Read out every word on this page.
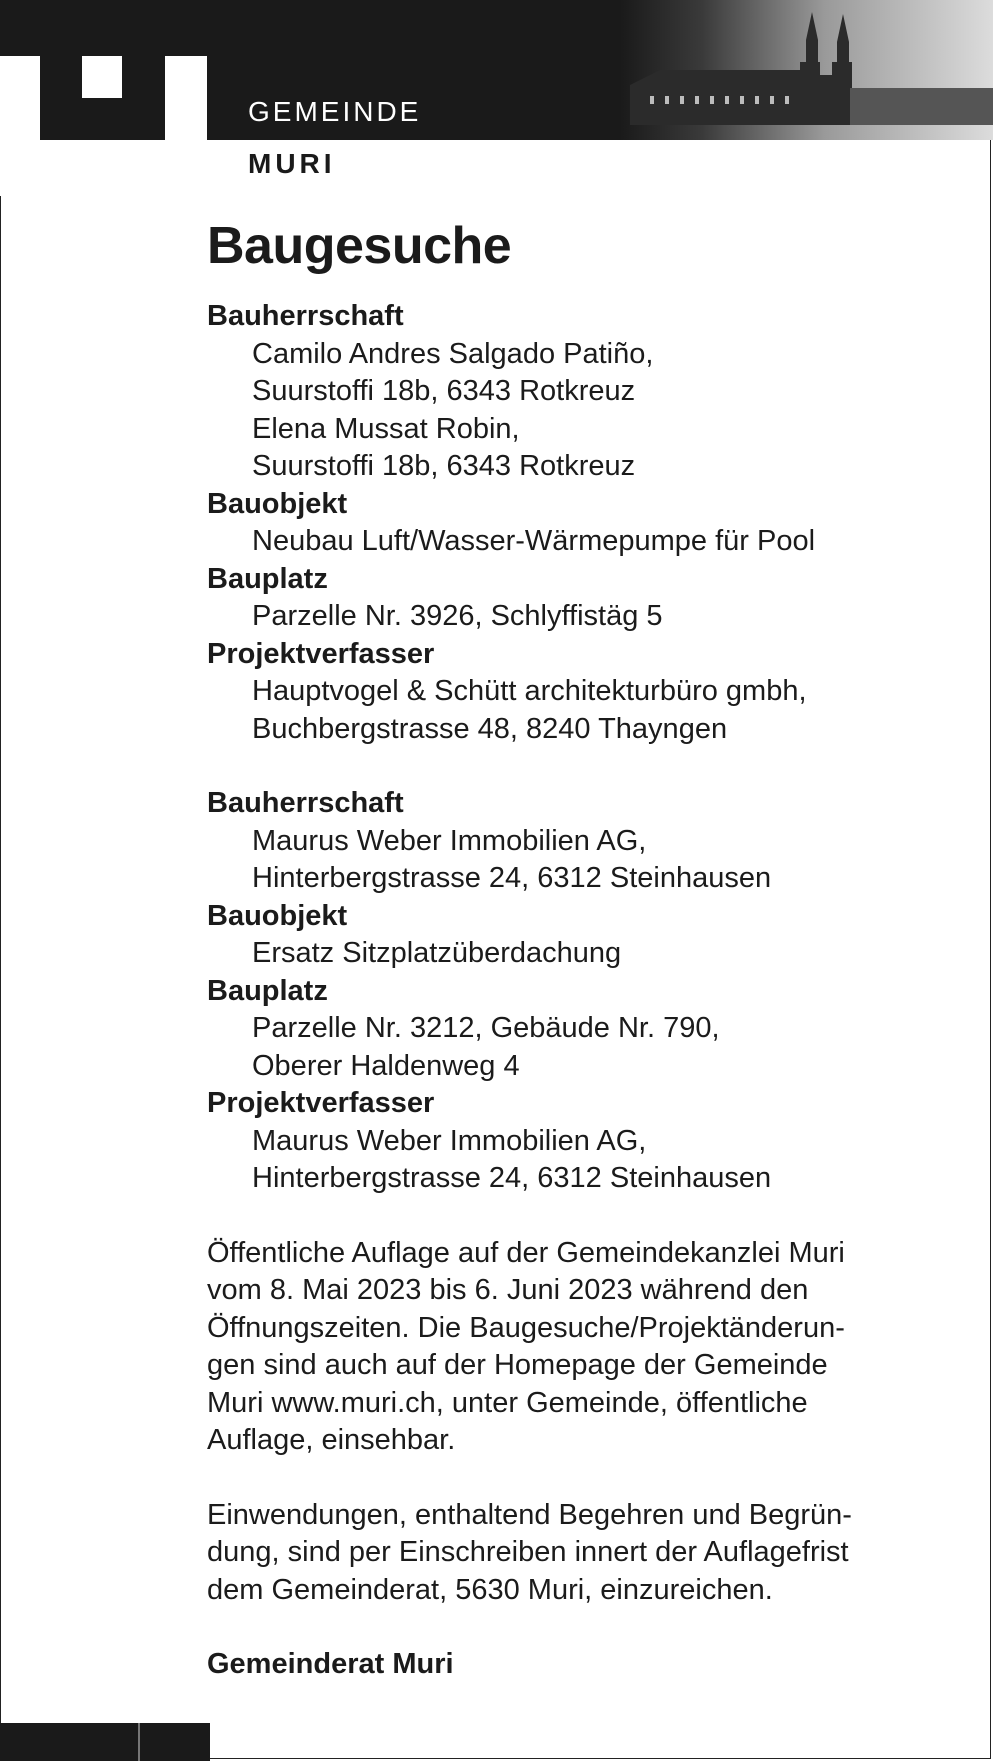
GEMEINDE
MURI
Baugesuche
Bauherrschaft
Camilo Andres Salgado Patiño,
Suurstoffi 18b, 6343 Rotkreuz
Elena Mussat Robin,
Suurstoffi 18b, 6343 Rotkreuz
Bauobjekt
Neubau Luft/Wasser-Wärmepumpe für Pool
Bauplatz
Parzelle Nr. 3926, Schlyffistäg 5
Projektverfasser
Hauptvogel & Schütt architekturbüro gmbh,
Buchbergstrasse 48, 8240 Thayngen
Bauherrschaft
Maurus Weber Immobilien AG,
Hinterbergstrasse 24, 6312 Steinhausen
Bauobjekt
Ersatz Sitzplatzüberdachung
Bauplatz
Parzelle Nr. 3212, Gebäude Nr. 790,
Oberer Haldenweg 4
Projektverfasser
Maurus Weber Immobilien AG,
Hinterbergstrasse 24, 6312 Steinhausen
Öffentliche Auflage auf der Gemeindekanzlei Muri
vom 8. Mai 2023 bis 6. Juni 2023 während den
Öffnungszeiten. Die Baugesuche/Projektänderun-
gen sind auch auf der Homepage der Gemeinde
Muri www.muri.ch, unter Gemeinde, öffentliche
Auflage, einsehbar.
Einwendungen, enthaltend Begehren und Begrün-
dung, sind per Einschreiben innert der Auflagefrist
dem Gemeinderat, 5630 Muri, einzureichen.
Gemeinderat Muri
